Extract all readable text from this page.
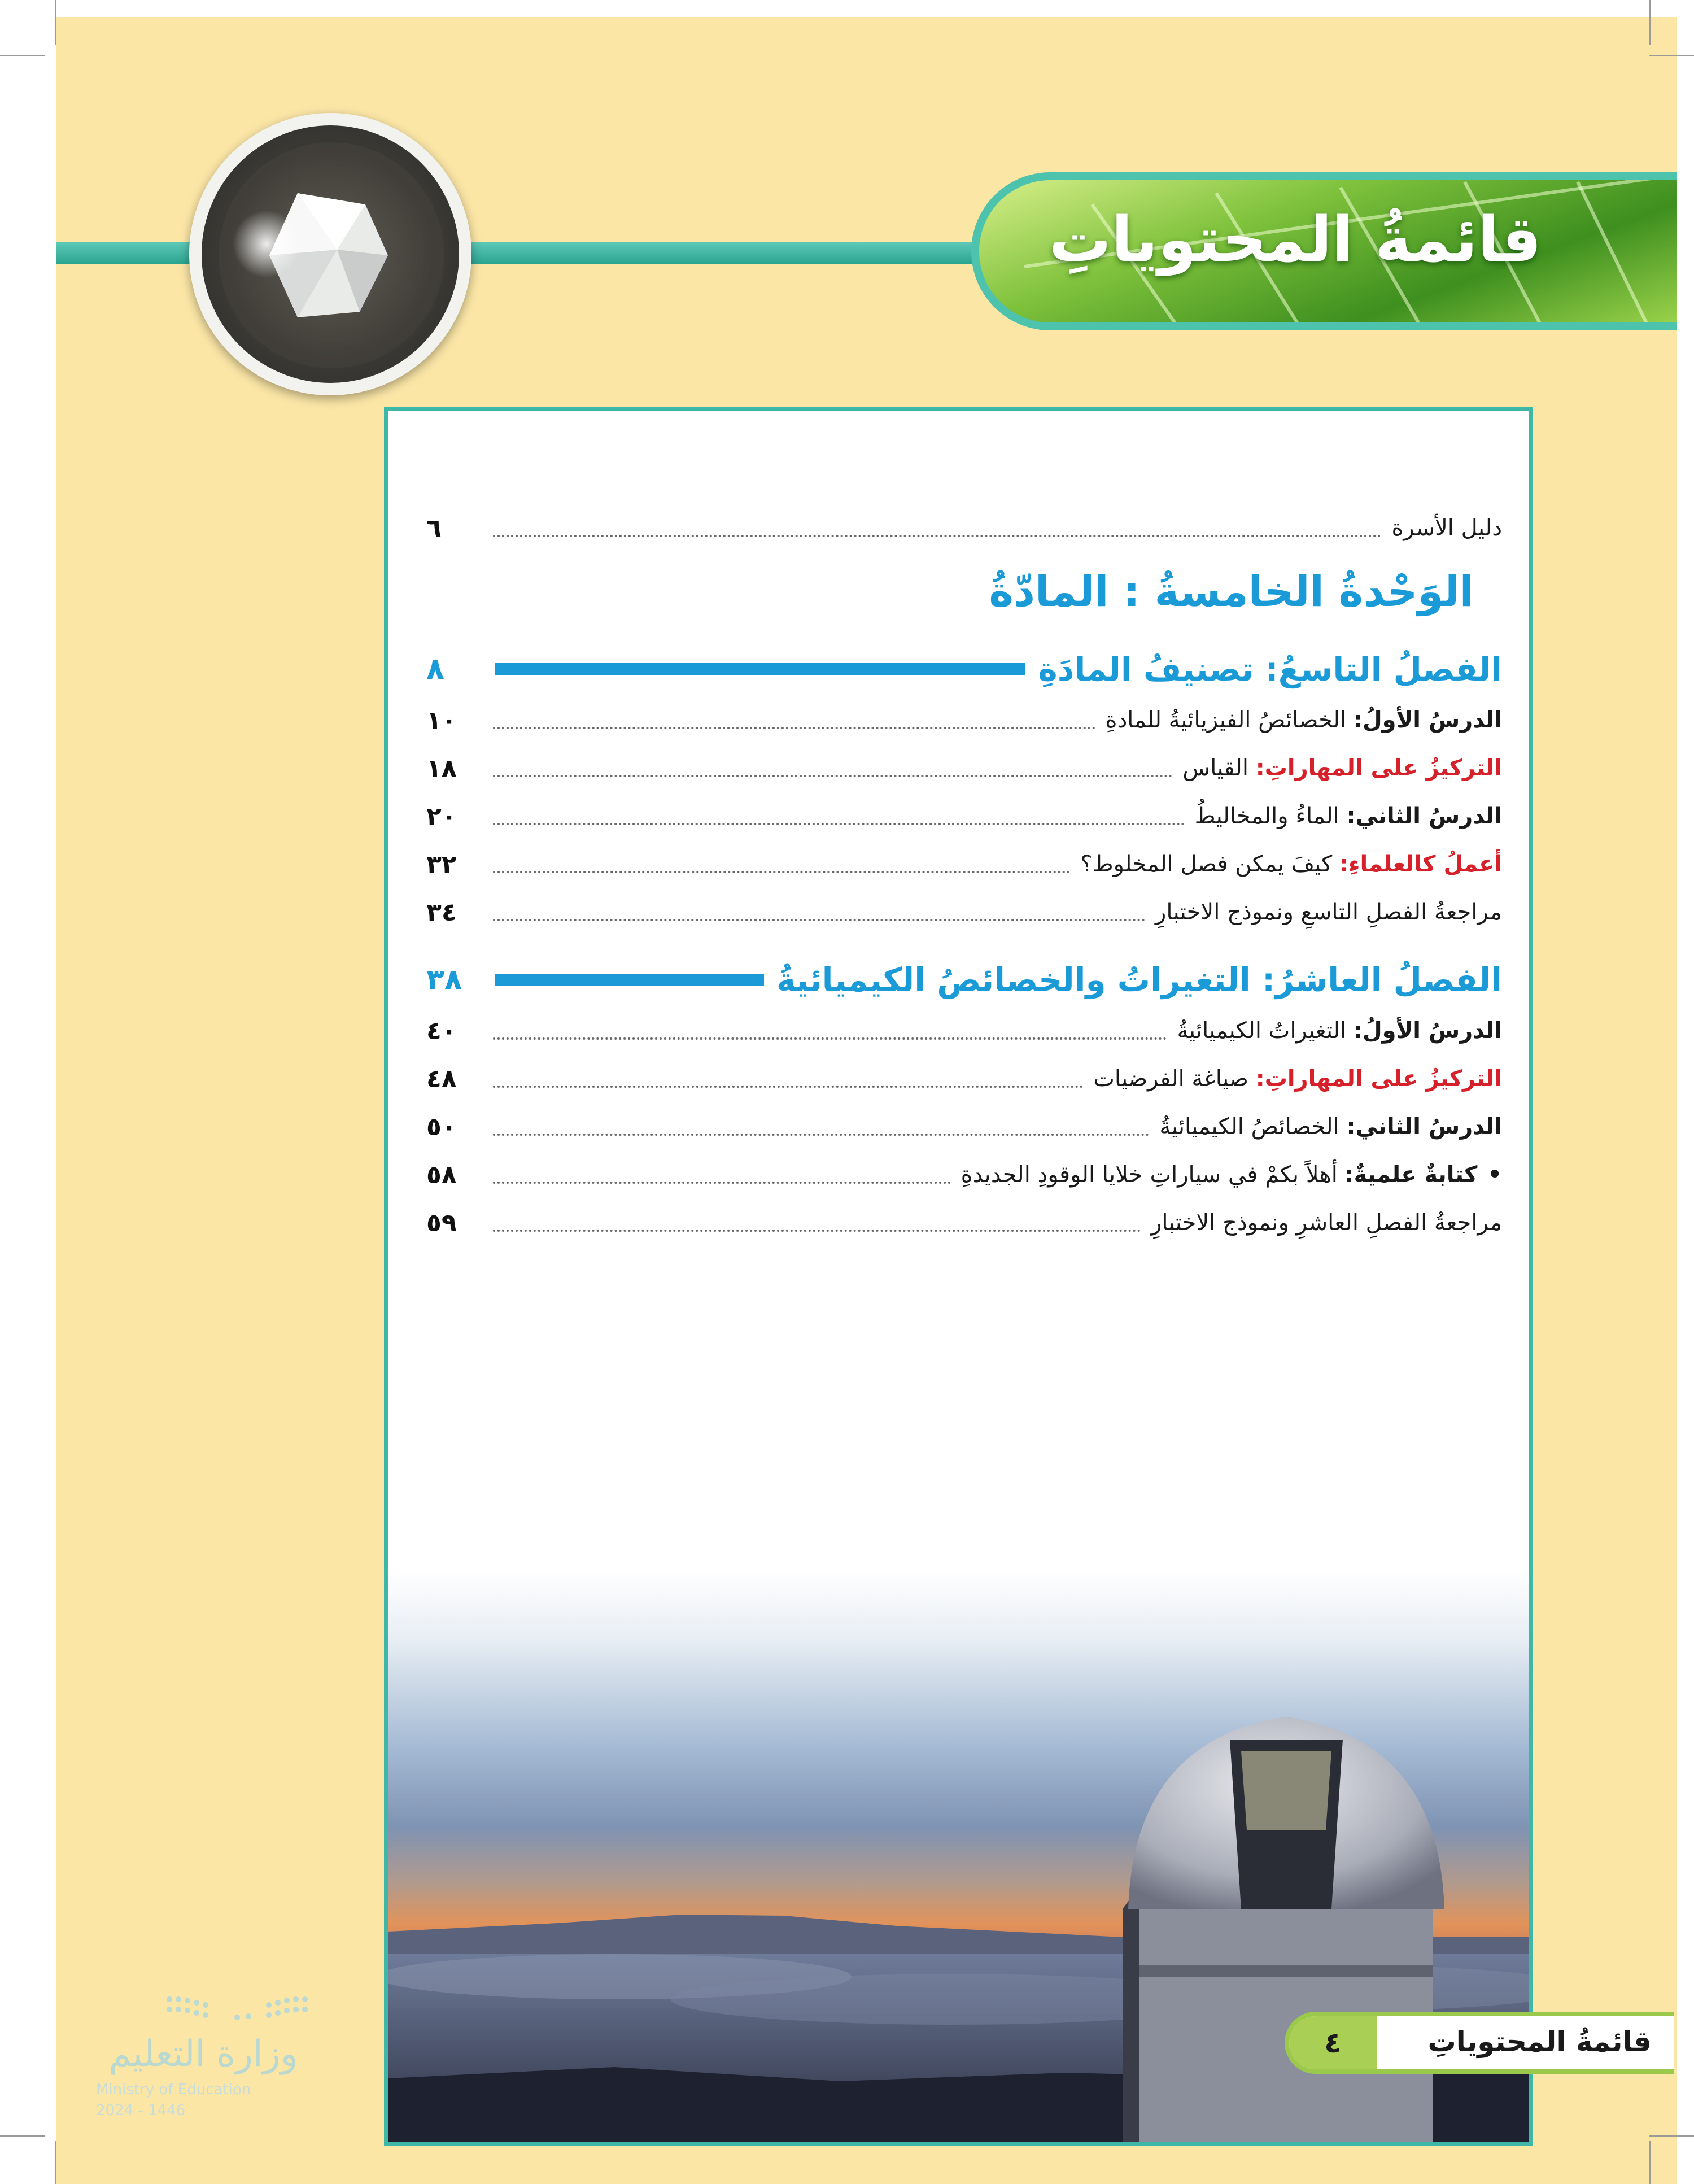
قائمةُ المحتوياتِ
دليل الأسرة
٦
الوَحْدةُ الخامسةُ : المادّةُ
الفصلُ التاسعُ: تصنيفُ المادَةِ
٨
الدرسُ الأولُ: الخصائصُ الفيزيائيةُ للمادةِ
١٠
التركيزُ على المهاراتِ: القياس
١٨
الدرسُ الثاني: الماءُ والمخاليطُ
٢٠
أعملُ كالعلماءِ: كيفَ يمكن فصل المخلوط؟
٣٢
مراجعةُ الفصلِ التاسعِ ونموذج الاختبارِ
٣٤
الفصلُ العاشرُ: التغيراتُ والخصائصُ الكيميائيةُ
٣٨
الدرسُ الأولُ: التغيراتُ الكيميائيةُ
٤٠
التركيزُ على المهاراتِ: صياغة الفرضيات
٤٨
الدرسُ الثاني: الخصائصُ الكيميائيةُ
٥٠
•كتابةٌ علميةٌ: أهلاً بكمْ في سياراتِ خلايا الوقودِ الجديدةِ
٥٨
مراجعةُ الفصلِ العاشرِ ونموذج الاختبارِ
٥٩
٤	قائمةُ المحتوياتِ
وزارة التعليم
Ministry of Education
2024 - 1446
